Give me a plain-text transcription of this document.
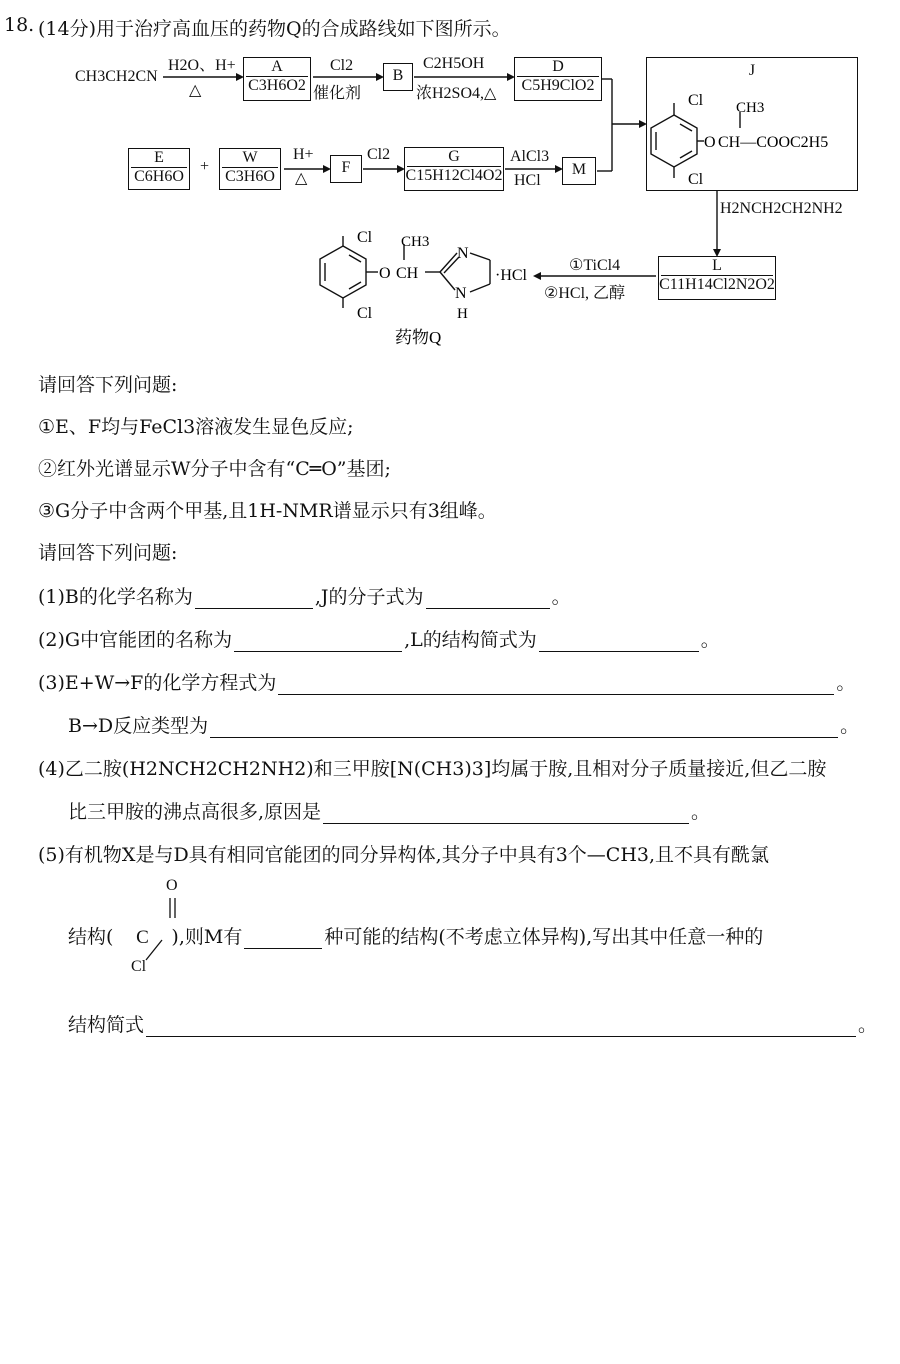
18. (14分)用于治疗高血压的药物Q的合成路线如下图所示。
CH3CH2CN
H2O、H+
△
A
C3H6O2
Cl2
催化剂
B
C2H5OH
浓H2SO4,△
D
C5H9ClO2
E
C6H6O
+
W
C3H6O
H+
△
F
Cl2	G
C15H12Cl4O2
AlCl3
HCl
M
J
H2NCH2CH2NH2
L
C11H14Cl2N2O2
①TiCl4
②HCl, 乙醇
Cl
Cl
O
CH3
CH—COOC2H5
Cl
Cl
O
CH3
CH
N
N
H
·HCl
药物Q
请回答下列问题:
①E、F均与FeCl3溶液发生显色反应;
②红外光谱显示W分子中含有“C═O”基团;
③G分子中含两个甲基,且1H-NMR谱显示只有3组峰。
请回答下列问题:
(1)B的化学名称为	,J的分子式为	。
(2)G中官能团的名称为	,L的结构简式为	。
(3)E+W→F的化学方程式为	。
B→D反应类型为	。
(4)乙二胺(H2NCH2CH2NH2)和三甲胺[N(CH3)3]均属于胺,且相对分子质量接近,但乙二胺
比三甲胺的沸点高很多,原因是	。
(5)有机物X是与D具有相同官能团的同分异构体,其分子中具有3个—CH3,且不具有酰氯
O
Cl
结构( C ),则M有	种可能的结构(不考虑立体异构),写出其中任意一种的
结构简式	。
